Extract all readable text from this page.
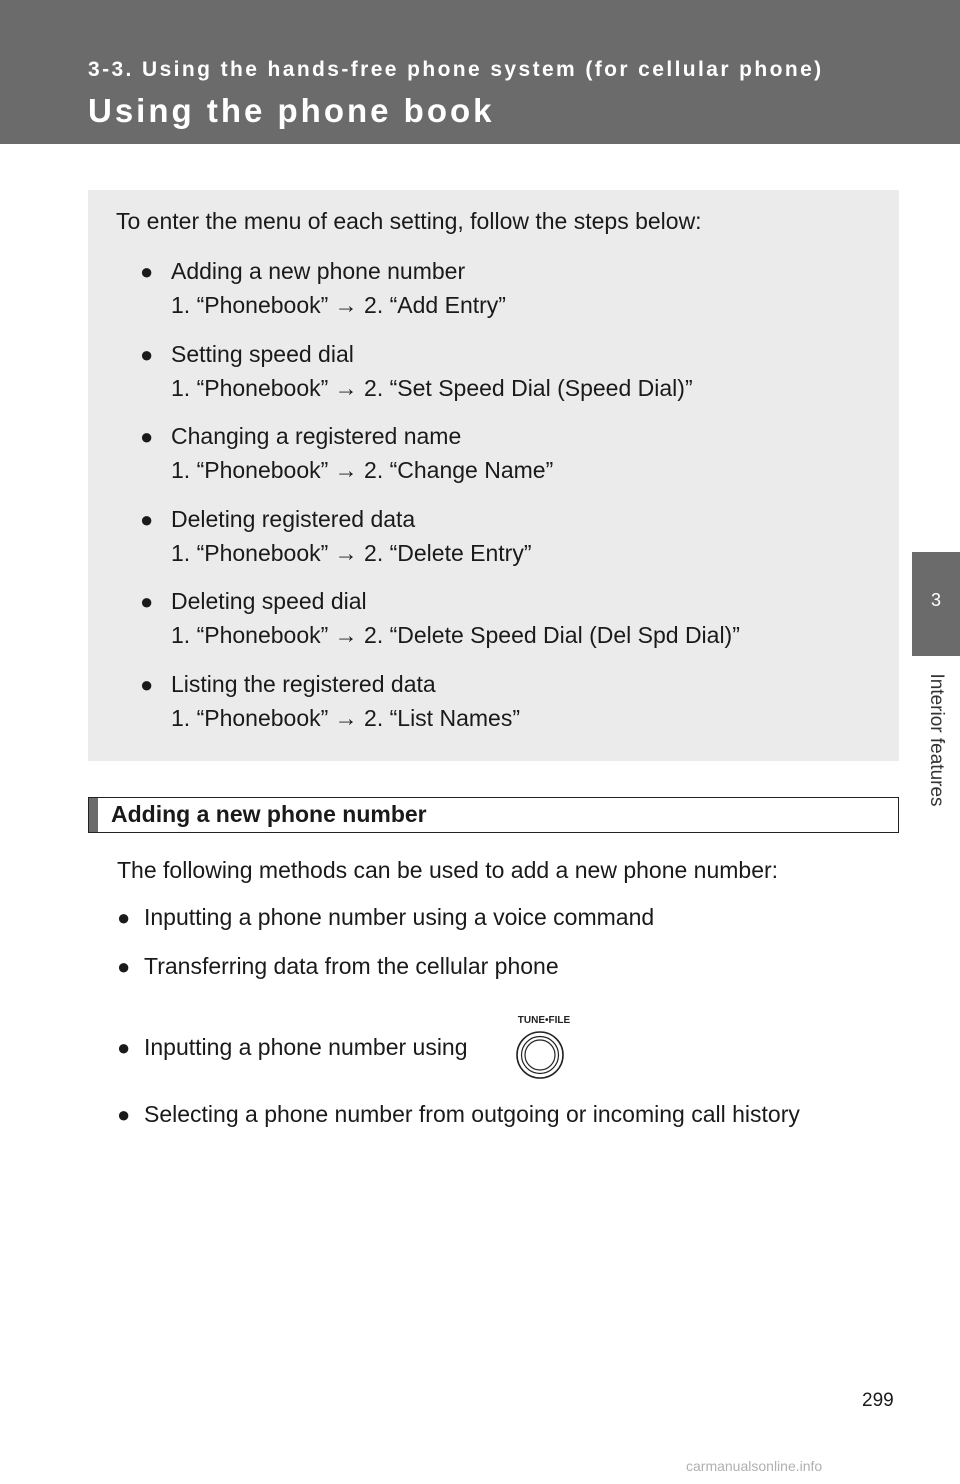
3-3. Using the hands-free phone system (for cellular phone)
Using the phone book
3
Interior features
To enter the menu of each setting, follow the steps below:
● Adding a new phone number
1. “Phonebook” → 2. “Add Entry”
● Setting speed dial
1. “Phonebook” → 2. “Set Speed Dial (Speed Dial)”
● Changing a registered name
1. “Phonebook” → 2. “Change Name”
● Deleting registered data
1. “Phonebook” → 2. “Delete Entry”
● Deleting speed dial
1. “Phonebook” → 2. “Delete Speed Dial (Del Spd Dial)”
● Listing the registered data
1. “Phonebook” → 2. “List Names”
Adding a new phone number
The following methods can be used to add a new phone number:
● Inputting a phone number using a voice command
● Transferring data from the cellular phone
● Inputting a phone number using
● Selecting a phone number from outgoing or incoming call history
TUNE•FILE
299
carmanualsonline.info
